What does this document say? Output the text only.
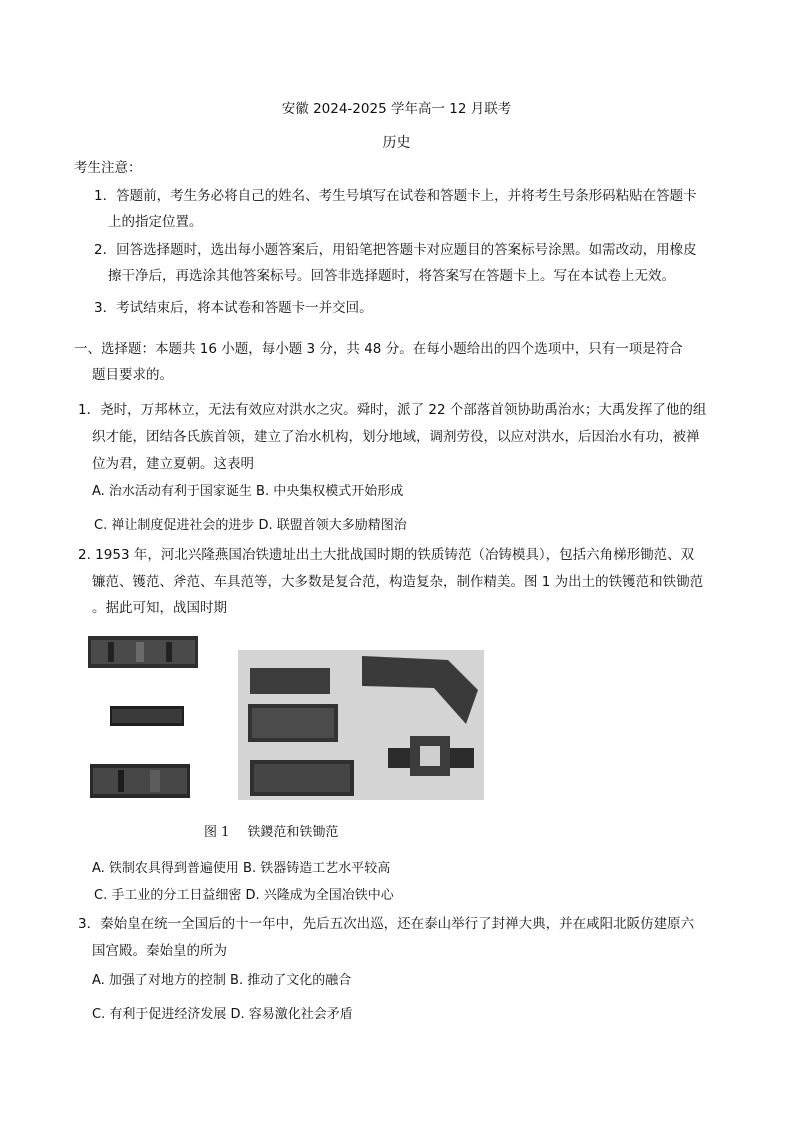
安徽 2024-2025 学年高一 12 月联考
历史
考生注意：
1．答题前，考生务必将自己的姓名、考生号填写在试卷和答题卡上，并将考生号条形码粘贴在答题卡
上的指定位置。
2．回答选择题时，选出每小题答案后，用铅笔把答题卡对应题目的答案标号涂黑。如需改动，用橡皮
擦干净后，再选涂其他答案标号。回答非选择题时，将答案写在答题卡上。写在本试卷上无效。
3．考试结束后，将本试卷和答题卡一并交回。
一、选择题：本题共 16 小题，每小题 3 分，共 48 分。在每小题给出的四个选项中，只有一项是符合
题目要求的。
1．尧时，万邦林立，无法有效应对洪水之灾。舜时，派了 22 个部落首领协助禹治水；大禹发挥了他的组
织才能，团结各氏族首领，建立了治水机构，划分地域，调剂劳役，以应对洪水，后因治水有功，被禅
位为君，建立夏朝。这表明
A. 治水活动有利于国家诞生 B. 中央集权模式开始形成
C. 禅让制度促进社会的进步 D. 联盟首领大多励精图治
2. 1953 年，河北兴隆燕国冶铁遗址出土大批战国时期的铁质铸范（冶铸模具），包括六角梯形锄范、双
镰范、镬范、斧范、车具范等，大多数是复合范，构造复杂，制作精美。图 1 为出土的铁镬范和铁锄范
。据此可知，战国时期
图 1 铁鑁范和铁锄范
A. 铁制农具得到普遍使用 B. 铁器铸造工艺水平较高
C. 手工业的分工日益细密 D. 兴隆成为全国冶铁中心
3．秦始皇在统一全国后的十一年中，先后五次出巡，还在泰山举行了封禅大典，并在咸阳北阪仿建原六
国宫殿。秦始皇的所为
A. 加强了对地方的控制 B. 推动了文化的融合
C. 有利于促进经济发展 D. 容易激化社会矛盾
